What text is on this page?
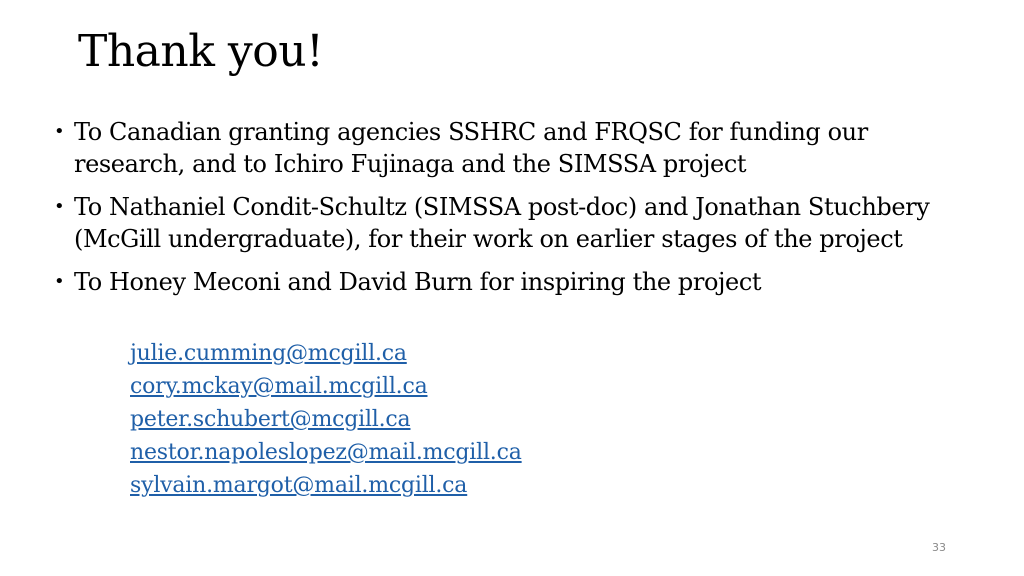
Thank you!
• To Canadian granting agencies SSHRC and FRQSC for funding our research, and to Ichiro Fujinaga and the SIMSSA project
• To Nathaniel Condit-Schultz (SIMSSA post-doc) and Jonathan Stuchbery (McGill undergraduate), for their work on earlier stages of the project
• To Honey Meconi and David Burn for inspiring the project
julie.cumming@mcgill.ca
cory.mckay@mail.mcgill.ca
peter.schubert@mcgill.ca
nestor.napoleslopez@mail.mcgill.ca
sylvain.margot@mail.mcgill.ca
33
